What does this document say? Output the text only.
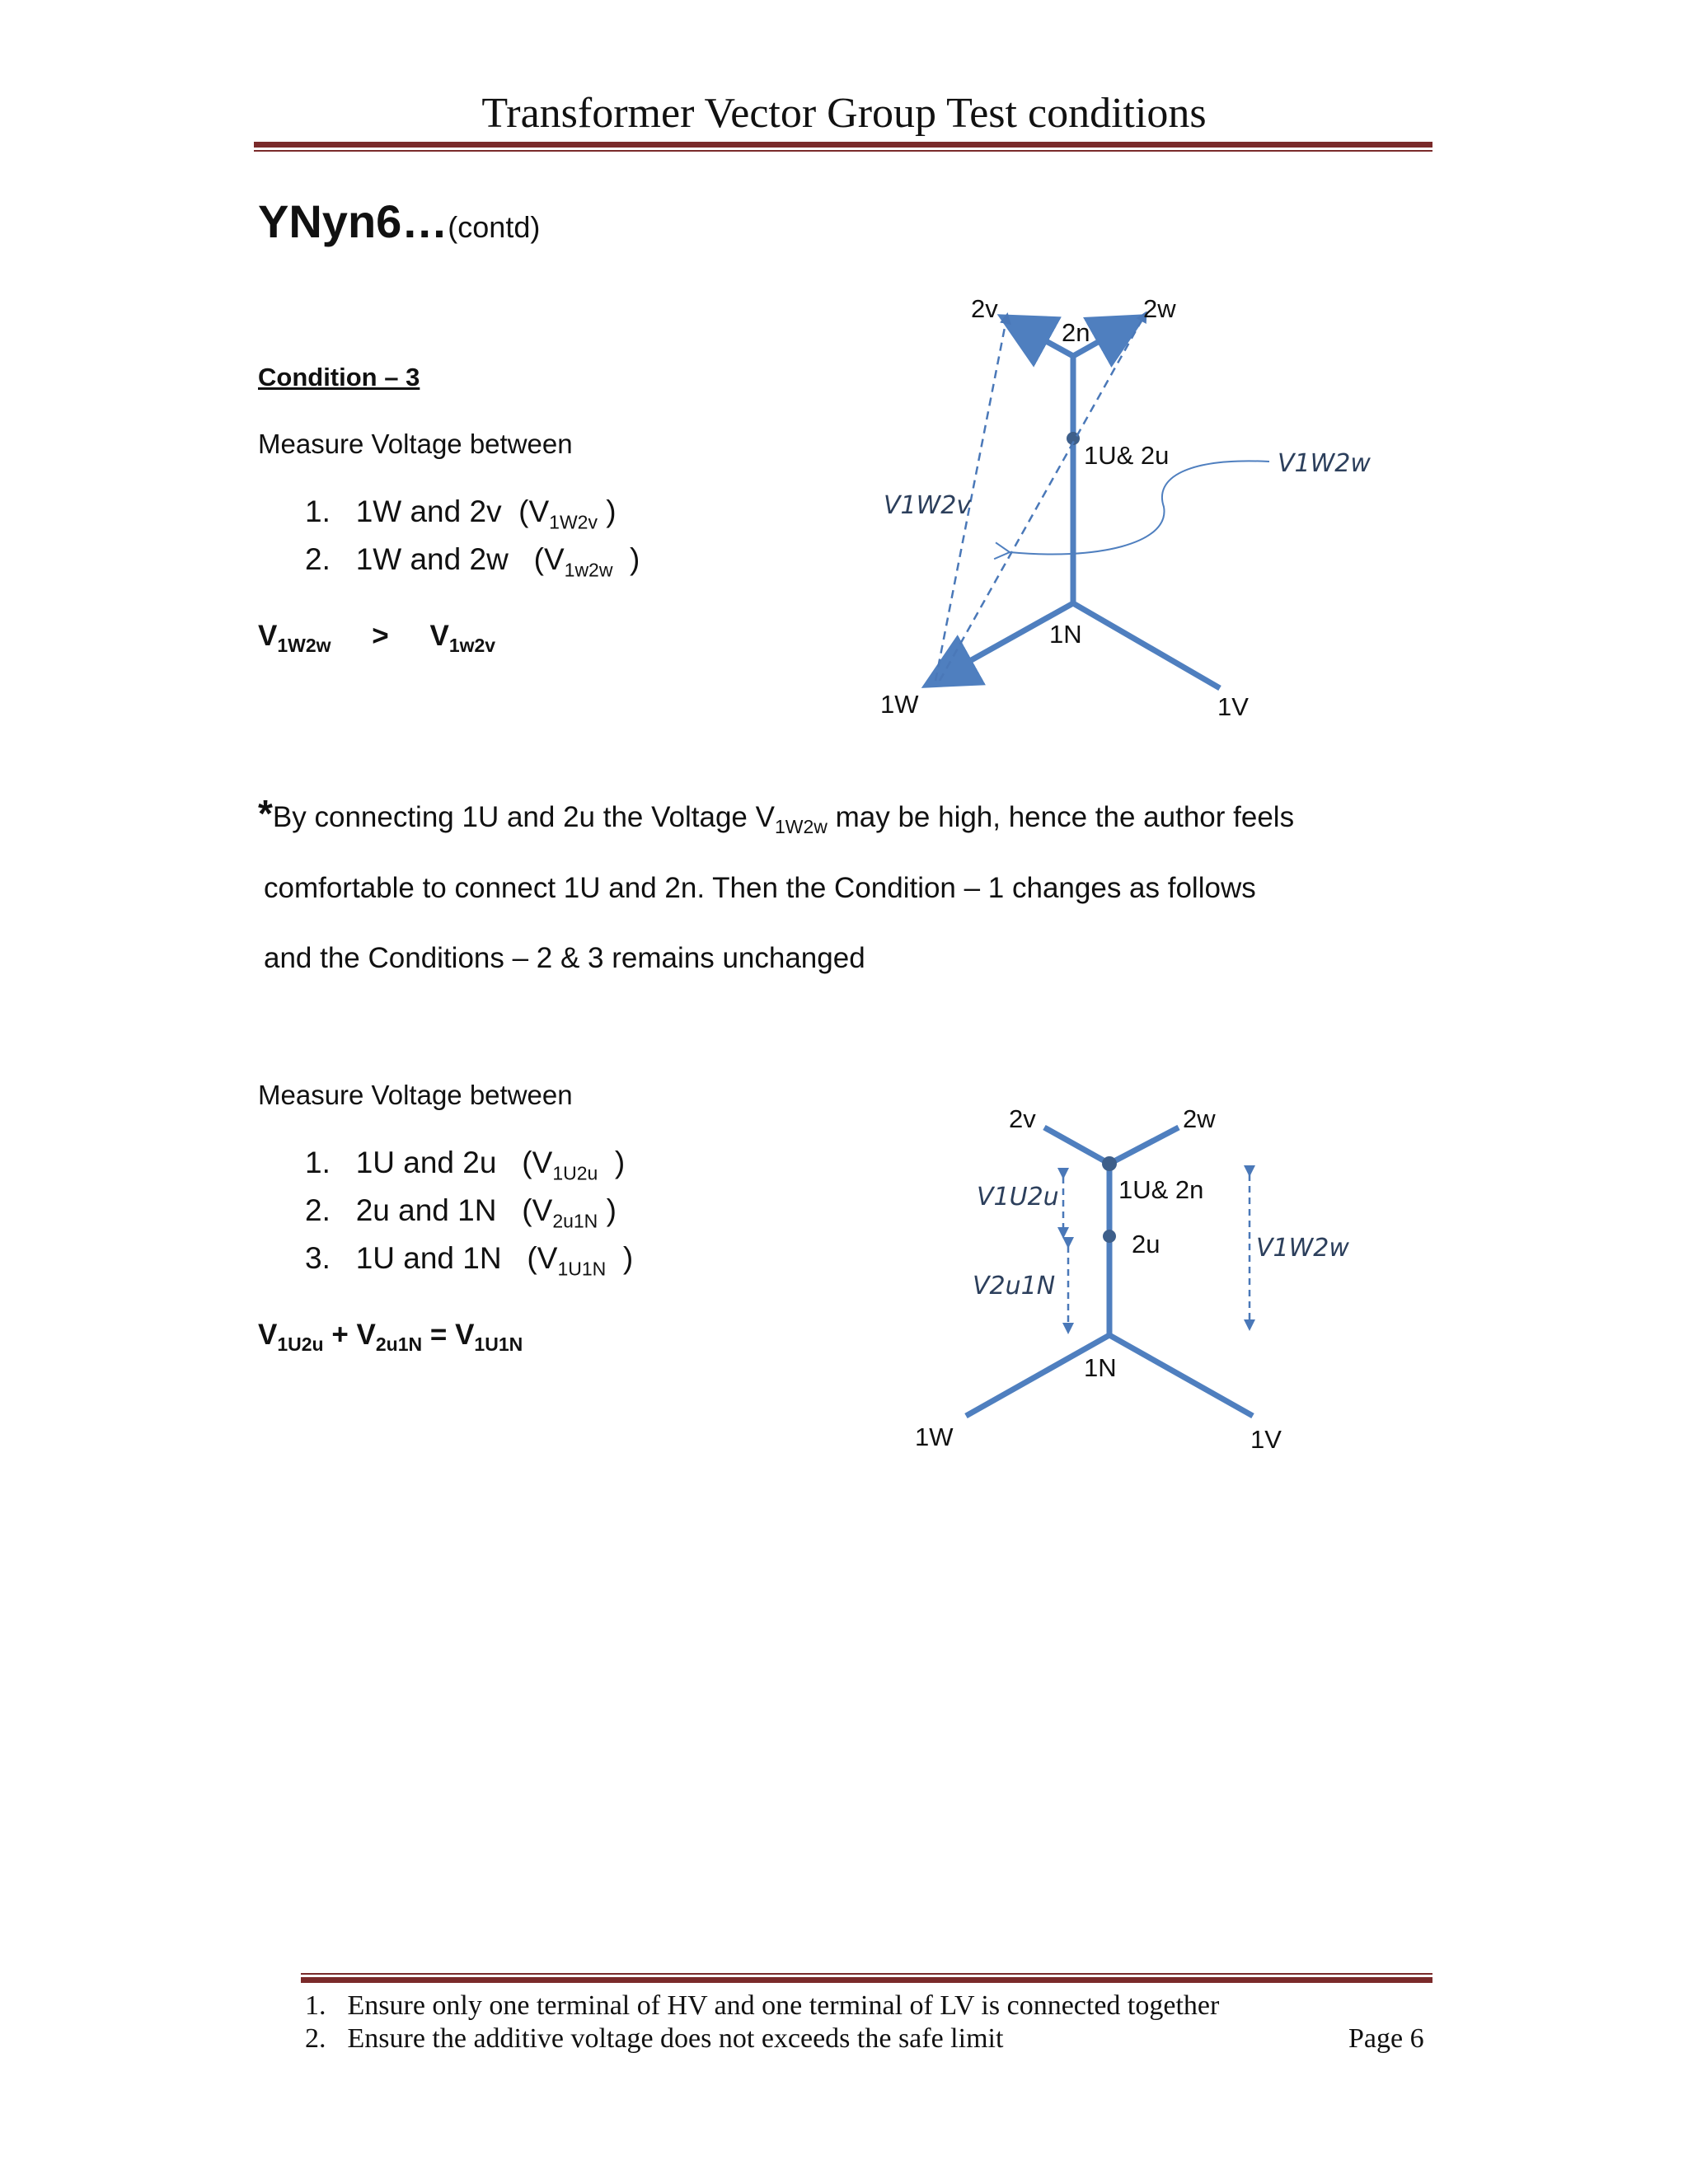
Transformer Vector Group Test conditions
YNyn6…(contd)
Condition – 3
Measure Voltage between
1. 1W and 2v  ($V_{1W2v}$ )
2. 1W and 2w   ($V_{1w2w}$  )
$V_{1W2w} > V_{1w2v}$
2v	2w
2n
1U& 2u
1N
1W	1V
V1W2v
V1W2w
*By connecting 1U and 2u the Voltage $V_{1W2w}$ may be high, hence the author feels
comfortable to connect 1U and 2n. Then the Condition – 1 changes as follows
and the Conditions – 2 & 3 remains unchanged
Measure Voltage between
1. 1U and 2u   ($V_{1U2u}$  )
2. 2u and 1N   ($V_{2u1N}$ )
3. 1U and 1N   ($V_{1U1N}$  )
$V_{1U2u} + V_{2u1N} = V_{1U1N}$
2v	2w
1U& 2n
2u
1N
1W	1V
V1U2u
V2u1N
V1W2w
1. Ensure only one terminal of HV and one terminal of LV is connected together
2. Ensure the additive voltage does not exceeds the safe limit	Page 6
